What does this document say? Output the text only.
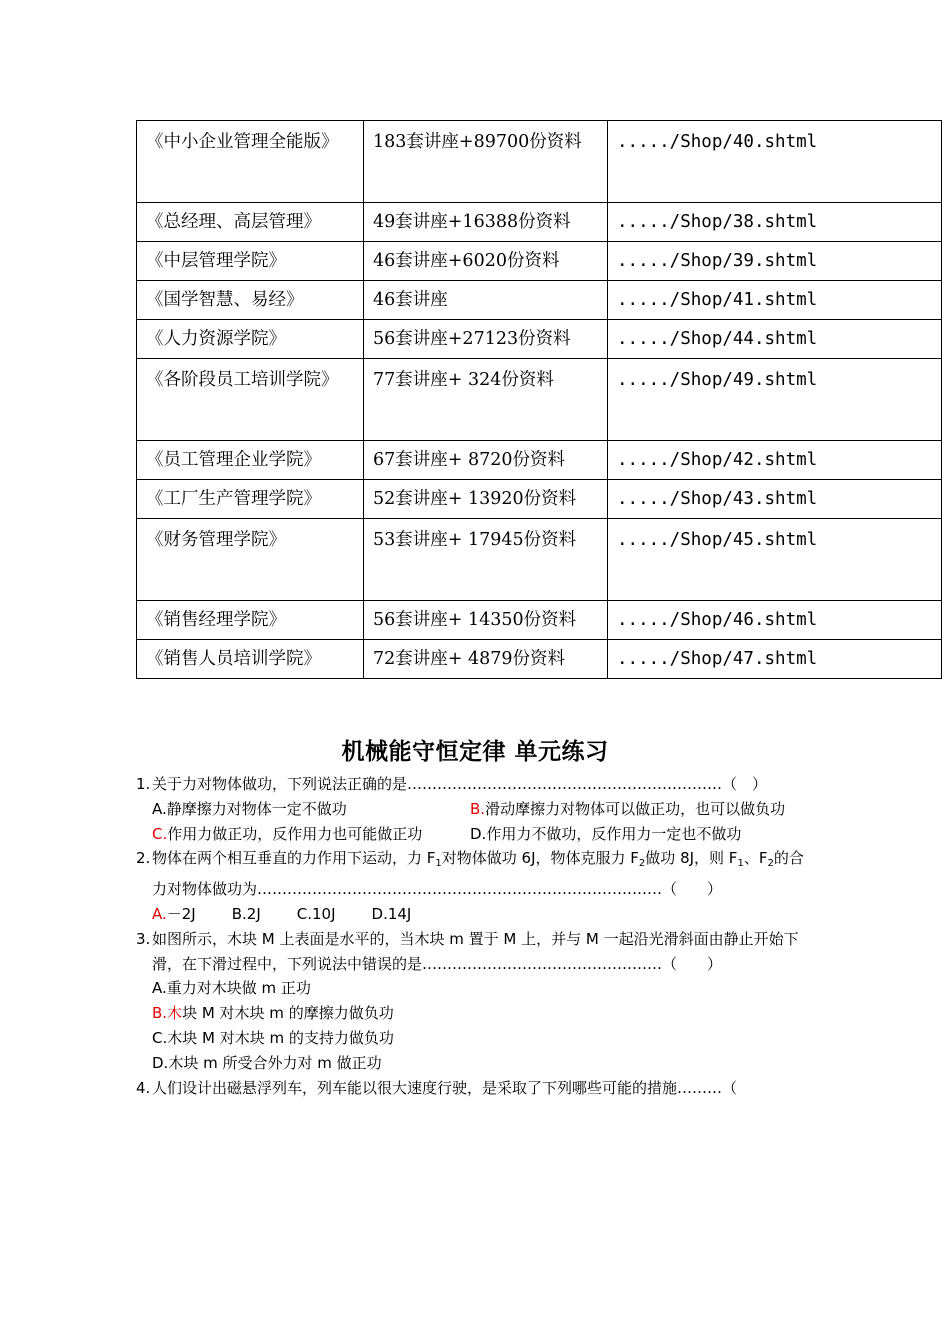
《中小企业管理全能版》	183套讲座+89700份资料	...../Shop/40.shtml
《总经理、高层管理》	49套讲座+16388份资料	...../Shop/38.shtml
《中层管理学院》	46套讲座+6020份资料	...../Shop/39.shtml
《国学智慧、易经》	46套讲座	...../Shop/41.shtml
《人力资源学院》	56套讲座+27123份资料	...../Shop/44.shtml
《各阶段员工培训学院》	77套讲座+ 324份资料	...../Shop/49.shtml
《员工管理企业学院》	67套讲座+ 8720份资料	...../Shop/42.shtml
《工厂生产管理学院》	52套讲座+ 13920份资料	...../Shop/43.shtml
《财务管理学院》	53套讲座+ 17945份资料	...../Shop/45.shtml
《销售经理学院》	56套讲座+ 14350份资料	...../Shop/46.shtml
《销售人员培训学院》	72套讲座+ 4879份资料	...../Shop/47.shtml
机械能守恒定律 单元练习
1. 关于力对物体做功，下列说法正确的是………………………………………………………（　）
A.静摩擦力对物体一定不做功	B.滑动摩擦力对物体可以做正功，也可以做负功
C.作用力做正功，反作用力也可能做正功	D.作用力不做功，反作用力一定也不做功
2. 物体在两个相互垂直的力作用下运动，力 $F_1$对物体做功 6J，物体克服力 $F_2$做功 8J，则 $F_1$、$F_2$的合力对物体做功为………………………………………………………………………（　　）
A.－2J B.2J C.10J D.14J
3. 如图所示，木块 M 上表面是水平的，当木块 m 置于 M 上，并与 M 一起沿光滑斜面由静止开始下滑，在下滑过程中，下列说法中错误的是…………………………………………（　　）
A.重力对木块做 m 正功
B.木块 M 对木块 m 的摩擦力做负功
C.木块 M 对木块 m 的支持力做负功
D.木块 m 所受合外力对 m 做正功
4. 人们设计出磁悬浮列车，列车能以很大速度行驶，是采取了下列哪些可能的措施………（
